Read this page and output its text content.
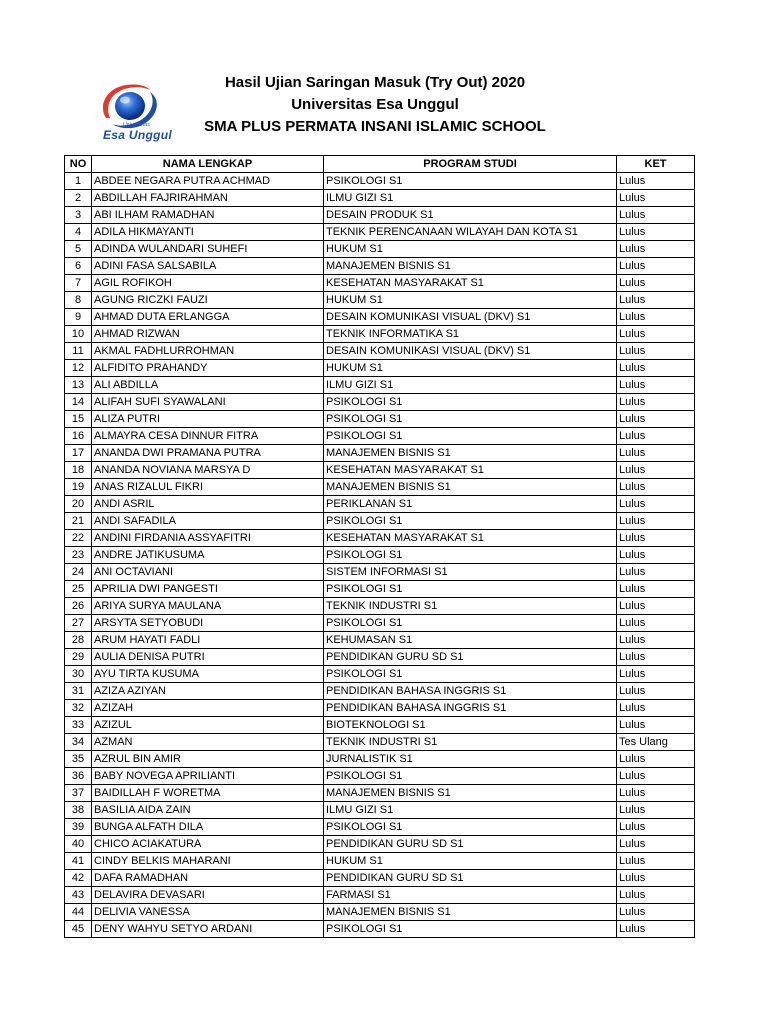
Universitas
Esa Unggul
Hasil Ujian Saringan Masuk (Try Out) 2020
Universitas Esa Unggul
SMA PLUS PERMATA INSANI ISLAMIC SCHOOL
NO	NAMA LENGKAP	PROGRAM STUDI	KET
1	ABDEE NEGARA PUTRA ACHMAD	PSIKOLOGI S1	Lulus
2	ABDILLAH FAJRIRAHMAN	ILMU GIZI S1	Lulus
3	ABI ILHAM RAMADHAN	DESAIN PRODUK S1	Lulus
4	ADILA HIKMAYANTI	TEKNIK PERENCANAAN WILAYAH DAN KOTA S1	Lulus
5	ADINDA WULANDARI SUHEFI	HUKUM S1	Lulus
6	ADINI FASA SALSABILA	MANAJEMEN BISNIS S1	Lulus
7	AGIL ROFIKOH	KESEHATAN MASYARAKAT S1	Lulus
8	AGUNG RICZKI FAUZI	HUKUM S1	Lulus
9	AHMAD DUTA ERLANGGA	DESAIN KOMUNIKASI VISUAL (DKV) S1	Lulus
10	AHMAD RIZWAN	TEKNIK INFORMATIKA S1	Lulus
11	AKMAL FADHLURROHMAN	DESAIN KOMUNIKASI VISUAL (DKV) S1	Lulus
12	ALFIDITO PRAHANDY	HUKUM S1	Lulus
13	ALI ABDILLA	ILMU GIZI S1	Lulus
14	ALIFAH SUFI SYAWALANI	PSIKOLOGI S1	Lulus
15	ALIZA PUTRI	PSIKOLOGI S1	Lulus
16	ALMAYRA CESA DINNUR FITRA	PSIKOLOGI S1	Lulus
17	ANANDA DWI PRAMANA PUTRA	MANAJEMEN BISNIS S1	Lulus
18	ANANDA NOVIANA MARSYA D	KESEHATAN MASYARAKAT S1	Lulus
19	ANAS RIZALUL FIKRI	MANAJEMEN BISNIS S1	Lulus
20	ANDI ASRIL	PERIKLANAN S1	Lulus
21	ANDI SAFADILA	PSIKOLOGI S1	Lulus
22	ANDINI FIRDANIA ASSYAFITRI	KESEHATAN MASYARAKAT S1	Lulus
23	ANDRE JATIKUSUMA	PSIKOLOGI S1	Lulus
24	ANI OCTAVIANI	SISTEM INFORMASI S1	Lulus
25	APRILIA DWI PANGESTI	PSIKOLOGI S1	Lulus
26	ARIYA SURYA MAULANA	TEKNIK INDUSTRI S1	Lulus
27	ARSYTA SETYOBUDI	PSIKOLOGI S1	Lulus
28	ARUM HAYATI FADLI	KEHUMASAN S1	Lulus
29	AULIA DENISA PUTRI	PENDIDIKAN GURU SD S1	Lulus
30	AYU TIRTA KUSUMA	PSIKOLOGI S1	Lulus
31	AZIZA AZIYAN	PENDIDIKAN BAHASA INGGRIS S1	Lulus
32	AZIZAH	PENDIDIKAN BAHASA INGGRIS S1	Lulus
33	AZIZUL	BIOTEKNOLOGI S1	Lulus
34	AZMAN	TEKNIK INDUSTRI S1	Tes Ulang
35	AZRUL BIN AMIR	JURNALISTIK S1	Lulus
36	BABY NOVEGA APRILIANTI	PSIKOLOGI S1	Lulus
37	BAIDILLAH F WORETMA	MANAJEMEN BISNIS S1	Lulus
38	BASILIA AIDA ZAIN	ILMU GIZI S1	Lulus
39	BUNGA ALFATH DILA	PSIKOLOGI S1	Lulus
40	CHICO ACIAKATURA	PENDIDIKAN GURU SD S1	Lulus
41	CINDY BELKIS MAHARANI	HUKUM S1	Lulus
42	DAFA RAMADHAN	PENDIDIKAN GURU SD S1	Lulus
43	DELAVIRA DEVASARI	FARMASI S1	Lulus
44	DELIVIA VANESSA	MANAJEMEN BISNIS S1	Lulus
45	DENY WAHYU SETYO ARDANI	PSIKOLOGI S1	Lulus
